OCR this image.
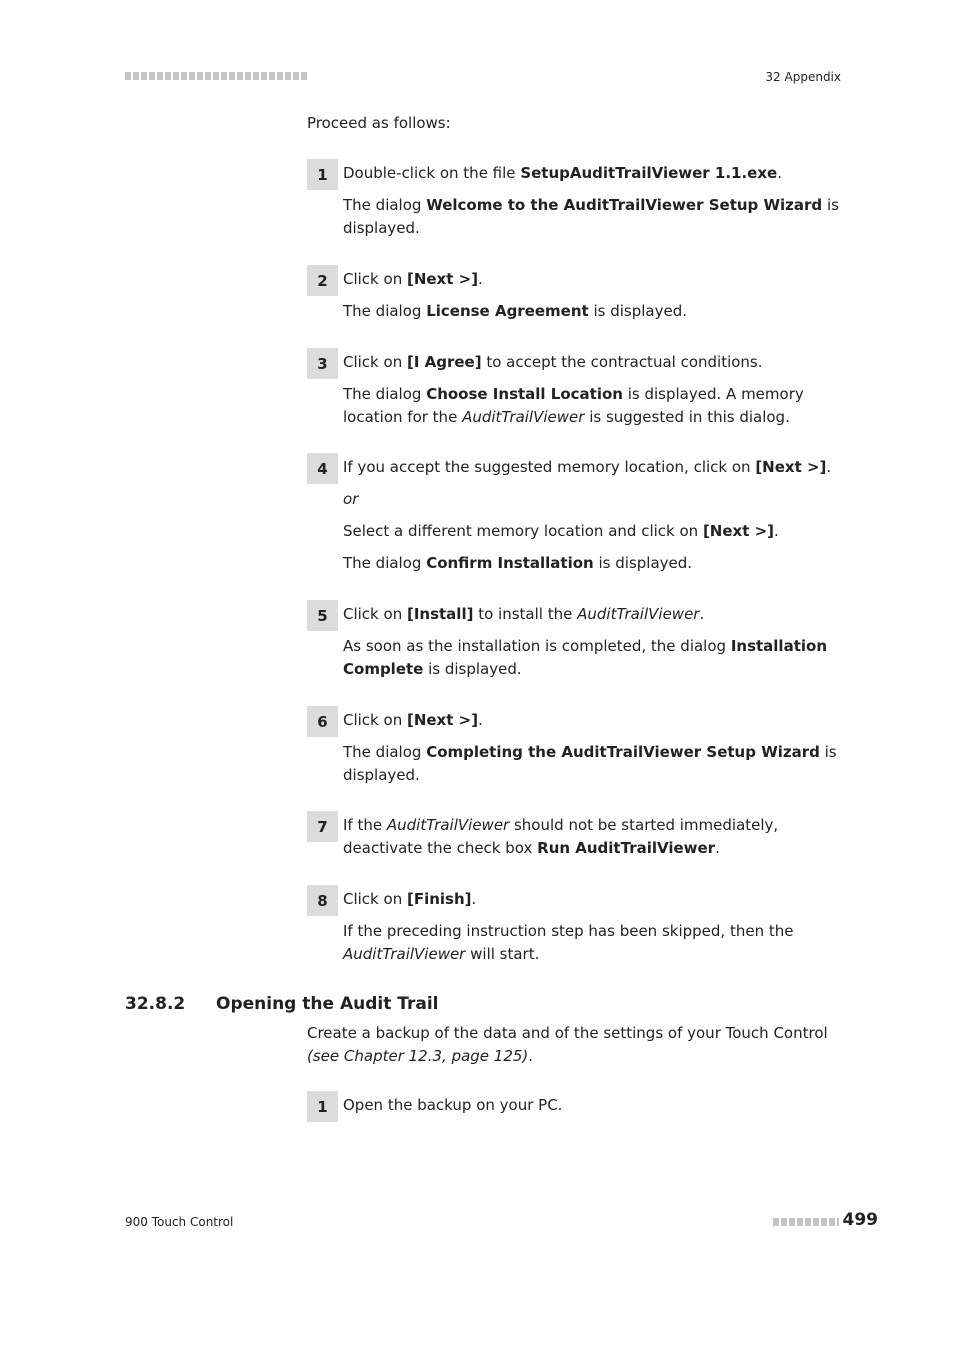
32 Appendix
Proceed as follows:
1	Double-click on the file SetupAuditTrailViewer 1.1.exe.

The dialog Welcome to the AuditTrailViewer Setup Wizard is displayed.

2	Click on [Next >].

The dialog License Agreement is displayed.

3	Click on [I Agree] to accept the contractual conditions.

The dialog Choose Install Location is displayed. A memory location for the AuditTrailViewer is suggested in this dialog.

4	If you accept the suggested memory location, click on [Next >].

or

Select a different memory location and click on [Next >].

The dialog Confirm Installation is displayed.

5	Click on [Install] to install the AuditTrailViewer.

As soon as the installation is completed, the dialog Installation Complete is displayed.

6	Click on [Next >].

The dialog Completing the AuditTrailViewer Setup Wizard is displayed.

7	If the AuditTrailViewer should not be started immediately, deactivate the check box Run AuditTrailViewer.

8	Click on [Finish].

If the preceding instruction step has been skipped, then the AuditTrailViewer will start.

32.8.2 Opening the Audit Trail
Create a backup of the data and of the settings of your Touch Control (see Chapter 12.3, page 125).
1	Open the backup on your PC.

900 Touch Control	499
